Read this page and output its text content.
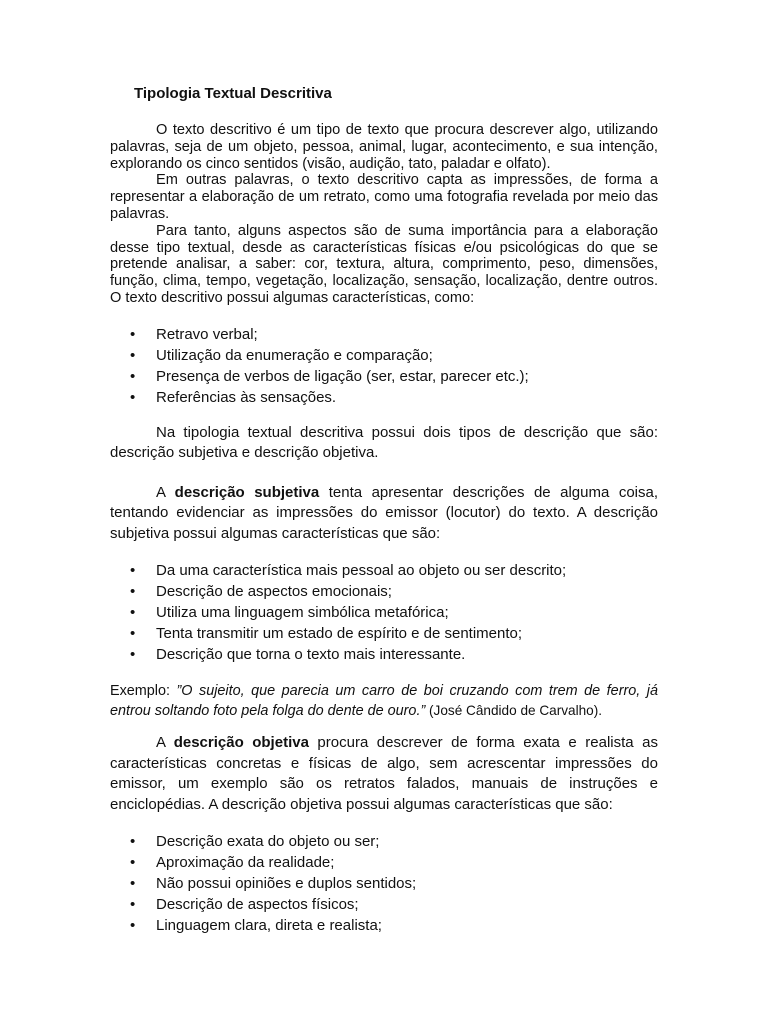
Tipologia Textual Descritiva

O texto descritivo é um tipo de texto que procura descrever algo, utilizando palavras, seja de um objeto, pessoa, animal, lugar, acontecimento, e sua intenção, explorando os cinco sentidos (visão, audição, tato, paladar e olfato).

Em outras palavras, o texto descritivo capta as impressões, de forma a representar a elaboração de um retrato, como uma fotografia revelada por meio das palavras.

Para tanto, alguns aspectos são de suma importância para a elaboração desse tipo textual, desde as características físicas e/ou psicológicas do que se pretende analisar, a saber: cor, textura, altura, comprimento, peso, dimensões, função, clima, tempo, vegetação, localização, sensação, localização, dentre outros. O texto descritivo possui algumas características, como:

• Retravo verbal;
• Utilização da enumeração e comparação;
• Presença de verbos de ligação (ser, estar, parecer etc.);
• Referências às sensações.

Na tipologia textual descritiva possui dois tipos de descrição que são: descrição subjetiva e descrição objetiva.

A descrição subjetiva tenta apresentar descrições de alguma coisa, tentando evidenciar as impressões do emissor (locutor) do texto. A descrição subjetiva possui algumas características que são:

• Da uma característica mais pessoal ao objeto ou ser descrito;
• Descrição de aspectos emocionais;
• Utiliza uma linguagem simbólica metafórica;
• Tenta transmitir um estado de espírito e de sentimento;
• Descrição que torna o texto mais interessante.

Exemplo: ”O sujeito, que parecia um carro de boi cruzando com trem de ferro, já entrou soltando foto pela folga do dente de ouro.” (José Cândido de Carvalho).

A descrição objetiva procura descrever de forma exata e realista as características concretas e físicas de algo, sem acrescentar impressões do emissor, um exemplo são os retratos falados, manuais de instruções e enciclopédias. A descrição objetiva possui algumas características que são:

• Descrição exata do objeto ou ser;
• Aproximação da realidade;
• Não possui opiniões e duplos sentidos;
• Descrição de aspectos físicos;
• Linguagem clara, direta e realista;
